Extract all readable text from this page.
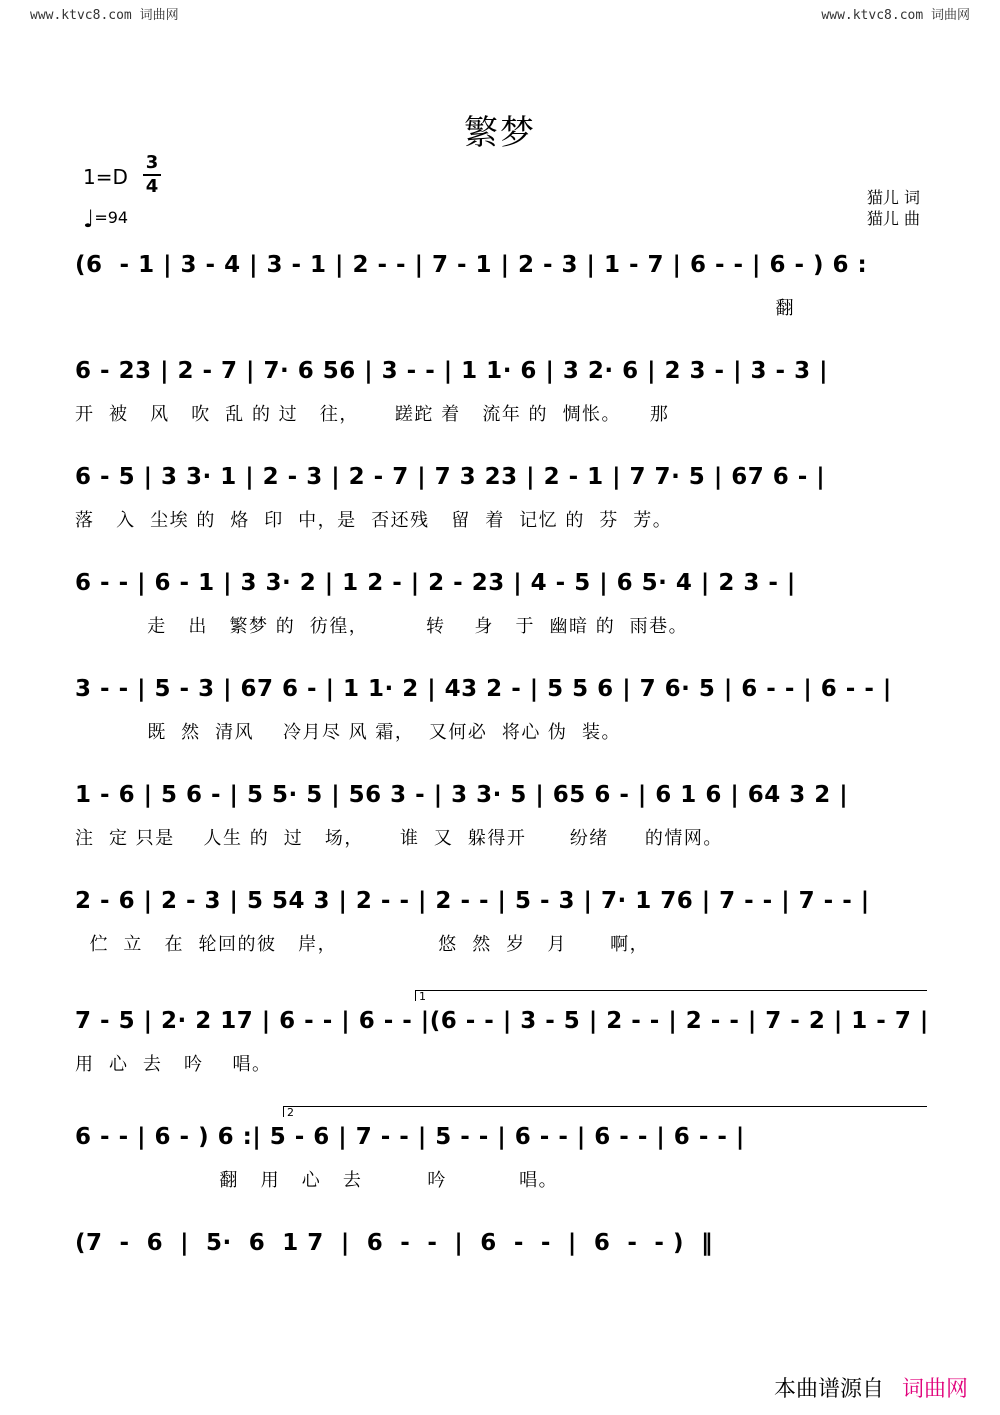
www.ktvc8.com 词曲网	www.ktvc8.com 词曲网
繁梦
1=D
3
4
♩=94
猫儿 词
猫儿 曲
(6  - 1 | 3 - 4 | 3 - 1 | 2 - - | 7 - 1 | 2 - 3 | 1 - 7 | 6 - - | 6 - ) 6 :
翻
6 - 23 | 2 - 7 | 7· 6 56 | 3 - - | 1 1· 6 | 3 2· 6 | 2 3 - | 3 - 3 |
开  被   风   吹  乱 的 过   往，     蹉跎 着   流年 的  惆怅。    那
6 - 5 | 3 3· 1 | 2 - 3 | 2 - 7 | 7 3 23 | 2 - 1 | 7 7· 5 | 67 6 - |
落   入  尘埃 的  烙  印  中，是  否还残   留  着  记忆 的  芬  芳。
6 - - | 6 - 1 | 3 3· 2 | 1 2 - | 2 - 23 | 4 - 5 | 6 5· 4 | 2 3 - |
走   出   繁梦 的  彷徨，        转    身   于  幽暗 的  雨巷。
3 - - | 5 - 3 | 67 6 - | 1 1· 2 | 43 2 - | 5 5 6 | 7 6· 5 | 6 - - | 6 - - |
既  然  清风    冷月尽 风 霜，  又何必  将心 伪  装。
1 - 6 | 5 6 - | 5 5· 5 | 56 3 - | 3 3· 5 | 65 6 - | 6 1 6 | 64 3 2 |
注  定 只是    人生 的  过   场，     谁  又  躲得开      纷绪     的情网。
2 - 6 | 2 - 3 | 5 54 3 | 2 - - | 2 - - | 5 - 3 | 7· 1 76 | 7 - - | 7 - - |
伫  立   在  轮回的彼   岸，              悠  然  岁   月      啊，
1
7 - 5 | 2· 2 17 | 6 - - | 6 - - |(6 - - | 3 - 5 | 2 - - | 2 - - | 7 - 2 | 1 - 7 |
用  心  去   吟    唱。
2
6 - - | 6 - ) 6 :| 5 - 6 | 7 - - | 5 - - | 6 - - | 6 - - | 6 - - |
翻   用   心   去         吟          唱。
(7  -  6  |  5·  6  1 7  |  6  -  -  |  6  -  -  |  6  -  - )  ‖
本曲谱源自 词曲网
